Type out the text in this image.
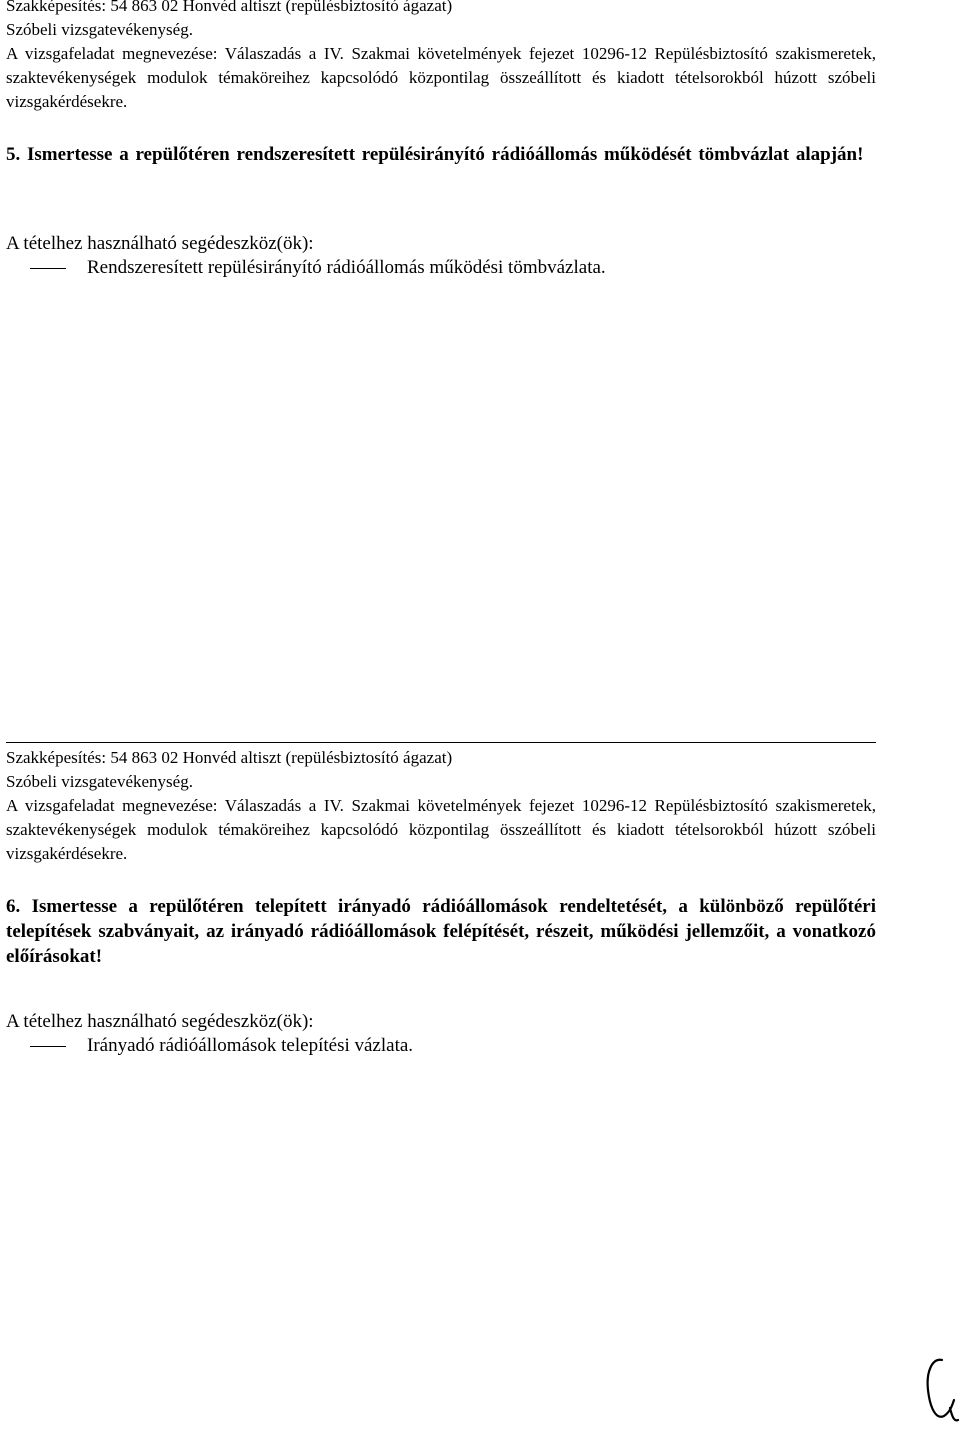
Szakképesítés: 54 863 02 Honvéd altiszt (repülésbiztosító ágazat)
Szóbeli vizsgatevékenység.
A vizsgafeladat megnevezése: Válaszadás a IV. Szakmai követelmények fejezet 10296-12 Repülésbiztosító szakismeretek, szaktevékenységek modulok témaköreihez kapcsolódó központilag összeállított és kiadott tételsorokból húzott szóbeli vizsgakérdésekre.
5. Ismertesse a repülőtéren rendszeresített repülésirányító rádióállomás működését tömbvázlat alapján!
A tételhez használható segédeszköz(ök):
Rendszeresített repülésirányító rádióállomás működési tömbvázlata.
Szakképesítés: 54 863 02 Honvéd altiszt (repülésbiztosító ágazat)
Szóbeli vizsgatevékenység.
A vizsgafeladat megnevezése: Válaszadás a IV. Szakmai követelmények fejezet 10296-12 Repülésbiztosító szakismeretek, szaktevékenységek modulok témaköreihez kapcsolódó központilag összeállított és kiadott tételsorokból húzott szóbeli vizsgakérdésekre.
6. Ismertesse a repülőtéren telepített irányadó rádióállomások rendeltetését, a különböző repülőtéri telepítések szabványait, az irányadó rádióállomások felépítését, részeit, működési jellemzőit, a vonatkozó előírásokat!
A tételhez használható segédeszköz(ök):
Irányadó rádióállomások telepítési vázlata.
